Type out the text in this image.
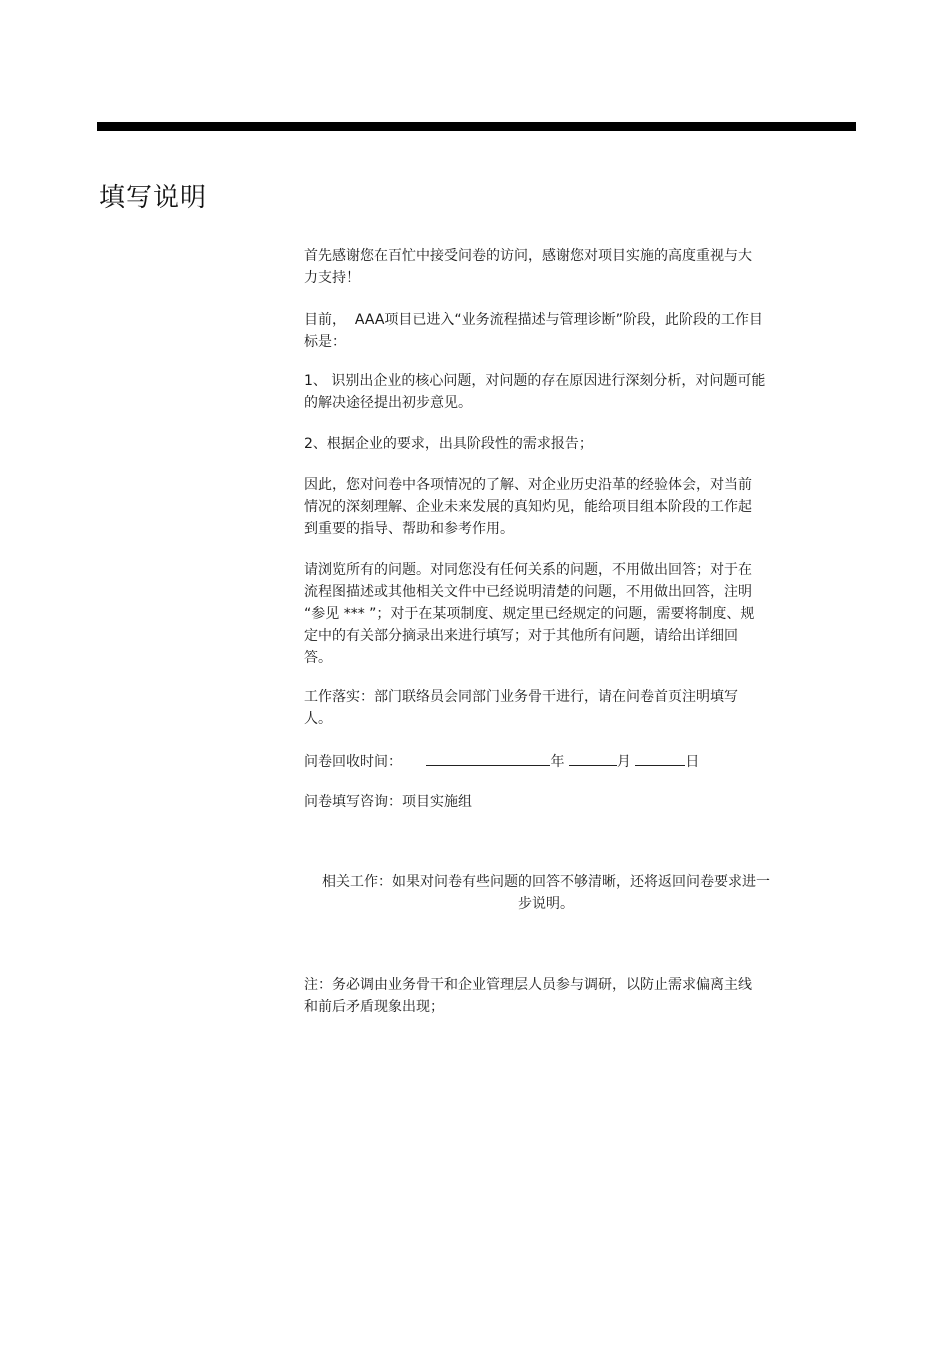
填写说明
首先感谢您在百忙中接受问卷的访问，感谢您对项目实施的高度重视与大
力支持！
目前，  AAA项目已进入“业务流程描述与管理诊断”阶段，此阶段的工作目
标是：
1、 识别出企业的核心问题，对问题的存在原因进行深刻分析，对问题可能
的解决途径提出初步意见。
2、根据企业的要求，出具阶段性的需求报告；
因此，您对问卷中各项情况的了解、对企业历史沿革的经验体会，对当前
情况的深刻理解、企业未来发展的真知灼见，能给项目组本阶段的工作起
到重要的指导、帮助和参考作用。
请浏览所有的问题。对同您没有任何关系的问题，不用做出回答；对于在
流程图描述或其他相关文件中已经说明清楚的问题，不用做出回答，注明
“参见 *** ”；对于在某项制度、规定里已经规定的问题，需要将制度、规
定中的有关部分摘录出来进行填写；对于其他所有问题，请给出详细回
答。
工作落实：部门联络员会同部门业务骨干进行，请在问卷首页注明填写
人。
问卷回收时间：	年	月	日
问卷填写咨询：项目实施组
相关工作：如果对问卷有些问题的回答不够清晰，还将返回问卷要求进一
步说明。
注：务必调由业务骨干和企业管理层人员参与调研，以防止需求偏离主线
和前后矛盾现象出现；
